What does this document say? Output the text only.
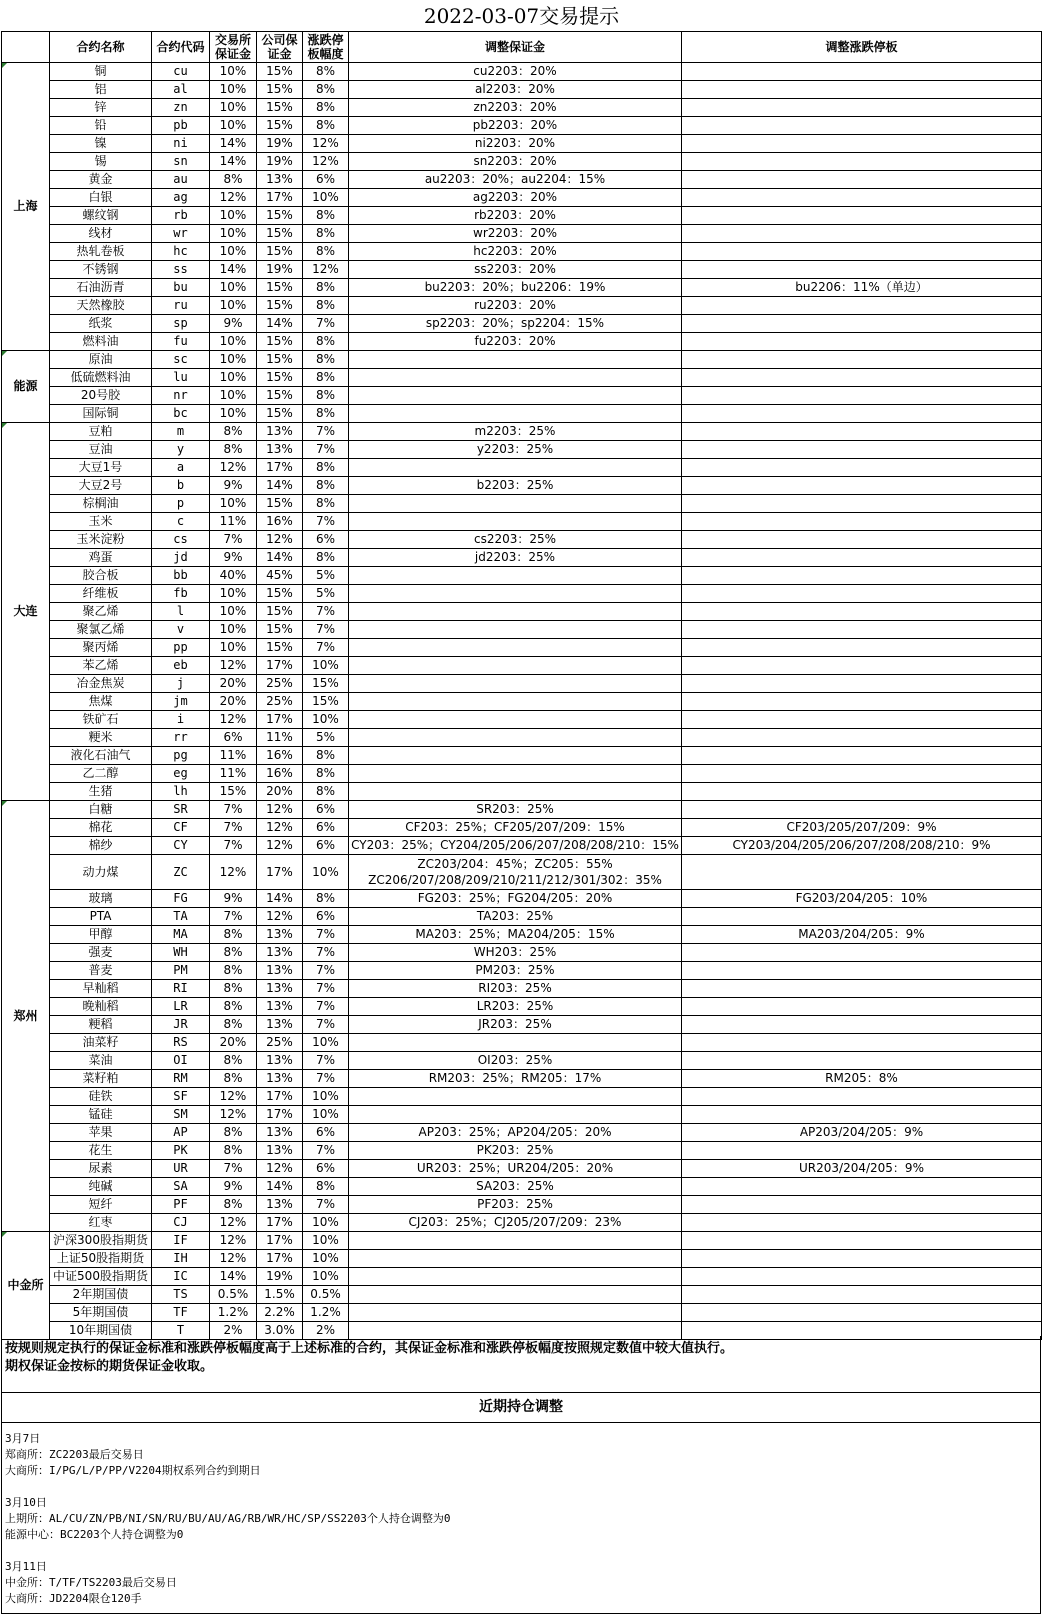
2022-03-07交易提示
	合约名称	合约代码	交易所保证金	公司保证金	涨跌停板幅度	调整保证金	调整涨跌停板
上海	铜	cu	10%	15%	8%	cu2203：20%	
	铝	al	10%	15%	8%	al2203：20%	
	锌	zn	10%	15%	8%	zn2203：20%	
	铅	pb	10%	15%	8%	pb2203：20%	
	镍	ni	14%	19%	12%	ni2203：20%	
	锡	sn	14%	19%	12%	sn2203：20%	
	黄金	au	8%	13%	6%	au2203：20%；au2204：15%	
	白银	ag	12%	17%	10%	ag2203：20%	
	螺纹钢	rb	10%	15%	8%	rb2203：20%	
	线材	wr	10%	15%	8%	wr2203：20%	
	热轧卷板	hc	10%	15%	8%	hc2203：20%	
	不锈钢	ss	14%	19%	12%	ss2203：20%	
	石油沥青	bu	10%	15%	8%	bu2203：20%；bu2206：19%	bu2206：11%（单边）
	天然橡胶	ru	10%	15%	8%	ru2203：20%	
	纸浆	sp	9%	14%	7%	sp2203：20%；sp2204：15%	
	燃料油	fu	10%	15%	8%	fu2203：20%	
能源	原油	sc	10%	15%	8%		
	低硫燃料油	lu	10%	15%	8%		
	20号胶	nr	10%	15%	8%		
	国际铜	bc	10%	15%	8%		
大连	豆粕	m	8%	13%	7%	m2203：25%	
	豆油	y	8%	13%	7%	y2203：25%	
	大豆1号	a	12%	17%	8%		
	大豆2号	b	9%	14%	8%	b2203：25%	
	棕榈油	p	10%	15%	8%		
	玉米	c	11%	16%	7%		
	玉米淀粉	cs	7%	12%	6%	cs2203：25%	
	鸡蛋	jd	9%	14%	8%	jd2203：25%	
	胶合板	bb	40%	45%	5%		
	纤维板	fb	10%	15%	5%		
	聚乙烯	l	10%	15%	7%		
	聚氯乙烯	v	10%	15%	7%		
	聚丙烯	pp	10%	15%	7%		
	苯乙烯	eb	12%	17%	10%		
	冶金焦炭	j	20%	25%	15%		
	焦煤	jm	20%	25%	15%		
	铁矿石	i	12%	17%	10%		
	粳米	rr	6%	11%	5%		
	液化石油气	pg	11%	16%	8%		
	乙二醇	eg	11%	16%	8%		
	生猪	lh	15%	20%	8%		
郑州	白糖	SR	7%	12%	6%	SR203：25%	
	棉花	CF	7%	12%	6%	CF203：25%；CF205/207/209：15%	CF203/205/207/209：9%
	棉纱	CY	7%	12%	6%	CY203：25%；CY204/205/206/207/208/208/210：15%	CY203/204/205/206/207/208/208/210：9%
	动力煤	ZC	12%	17%	10%	ZC203/204：45%；ZC205：55%
ZC206/207/208/209/210/211/212/301/302：35%	

	玻璃	FG	9%	14%	8%	FG203：25%；FG204/205：20%	FG203/204/205：10%
	PTA	TA	7%	12%	6%	TA203：25%	
	甲醇	MA	8%	13%	7%	MA203：25%；MA204/205：15%	MA203/204/205：9%
	强麦	WH	8%	13%	7%	WH203：25%	
	普麦	PM	8%	13%	7%	PM203：25%	
	早籼稻	RI	8%	13%	7%	RI203：25%	
	晚籼稻	LR	8%	13%	7%	LR203：25%	
	粳稻	JR	8%	13%	7%	JR203：25%	
	油菜籽	RS	20%	25%	10%		
	菜油	OI	8%	13%	7%	OI203：25%	
	菜籽粕	RM	8%	13%	7%	RM203：25%；RM205：17%	RM205：8%
	硅铁	SF	12%	17%	10%		
	锰硅	SM	12%	17%	10%		
	苹果	AP	8%	13%	6%	AP203：25%；AP204/205：20%	AP203/204/205：9%
	花生	PK	8%	13%	7%	PK203：25%	
	尿素	UR	7%	12%	6%	UR203：25%；UR204/205：20%	UR203/204/205：9%
	纯碱	SA	9%	14%	8%	SA203：25%	
	短纤	PF	8%	13%	7%	PF203：25%	
	红枣	CJ	12%	17%	10%	CJ203：25%；CJ205/207/209：23%	
中金所	沪深300股指期货	IF	12%	17%	10%		
	上证50股指期货	IH	12%	17%	10%		
	中证500股指期货	IC	14%	19%	10%		
	2年期国债	TS	0.5%	1.5%	0.5%		
	5年期国债	TF	1.2%	2.2%	1.2%		
	10年期国债	T	2%	3.0%	2%		
按规则规定执行的保证金标准和涨跌停板幅度高于上述标准的合约，其保证金标准和涨跌停板幅度按照规定数值中较大值执行。
期权保证金按标的期货保证金收取。
近期持仓调整
3月7日
郑商所：ZC2203最后交易日
大商所：I/PG/L/P/PP/V2204期权系列合约到期日
3月10日
上期所：AL/CU/ZN/PB/NI/SN/RU/BU/AU/AG/RB/WR/HC/SP/SS2203个人持仓调整为0
能源中心：BC2203个人持仓调整为0
3月11日
中金所：T/TF/TS2203最后交易日
大商所：JD2204限仓120手
